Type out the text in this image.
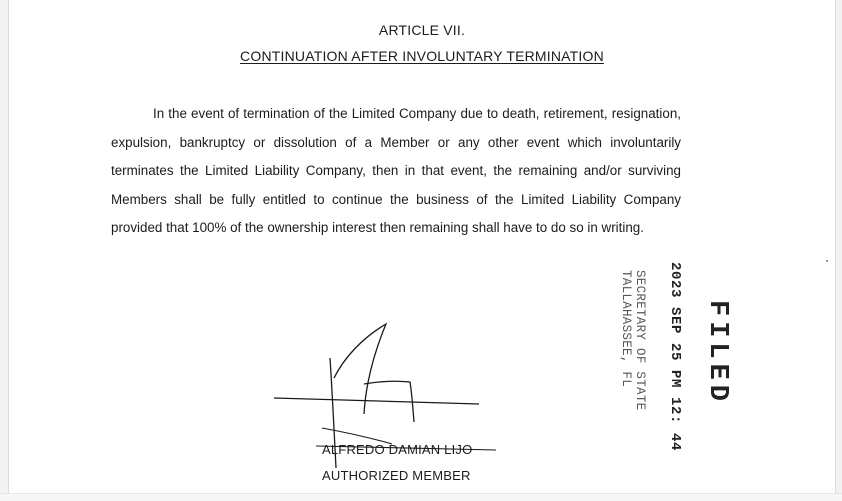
ARTICLE VII.
CONTINUATION AFTER INVOLUNTARY TERMINATION

In the event of termination of the Limited Company due to death, retirement, resignation, expulsion, bankruptcy or dissolution of a Member or any other event which involuntarily terminates the Limited Liability Company, then in that event, the remaining and/or surviving Members shall be fully entitled to continue the business of the Limited Liability Company provided that 100% of the ownership interest then remaining shall have to do so in writing.

ALFREDO DAMIAN LIJO
AUTHORIZED MEMBER
FILED
2023 SEP 25 PM 12: 44
SECRETARY OF STATE
TALLAHASSEE, FL
